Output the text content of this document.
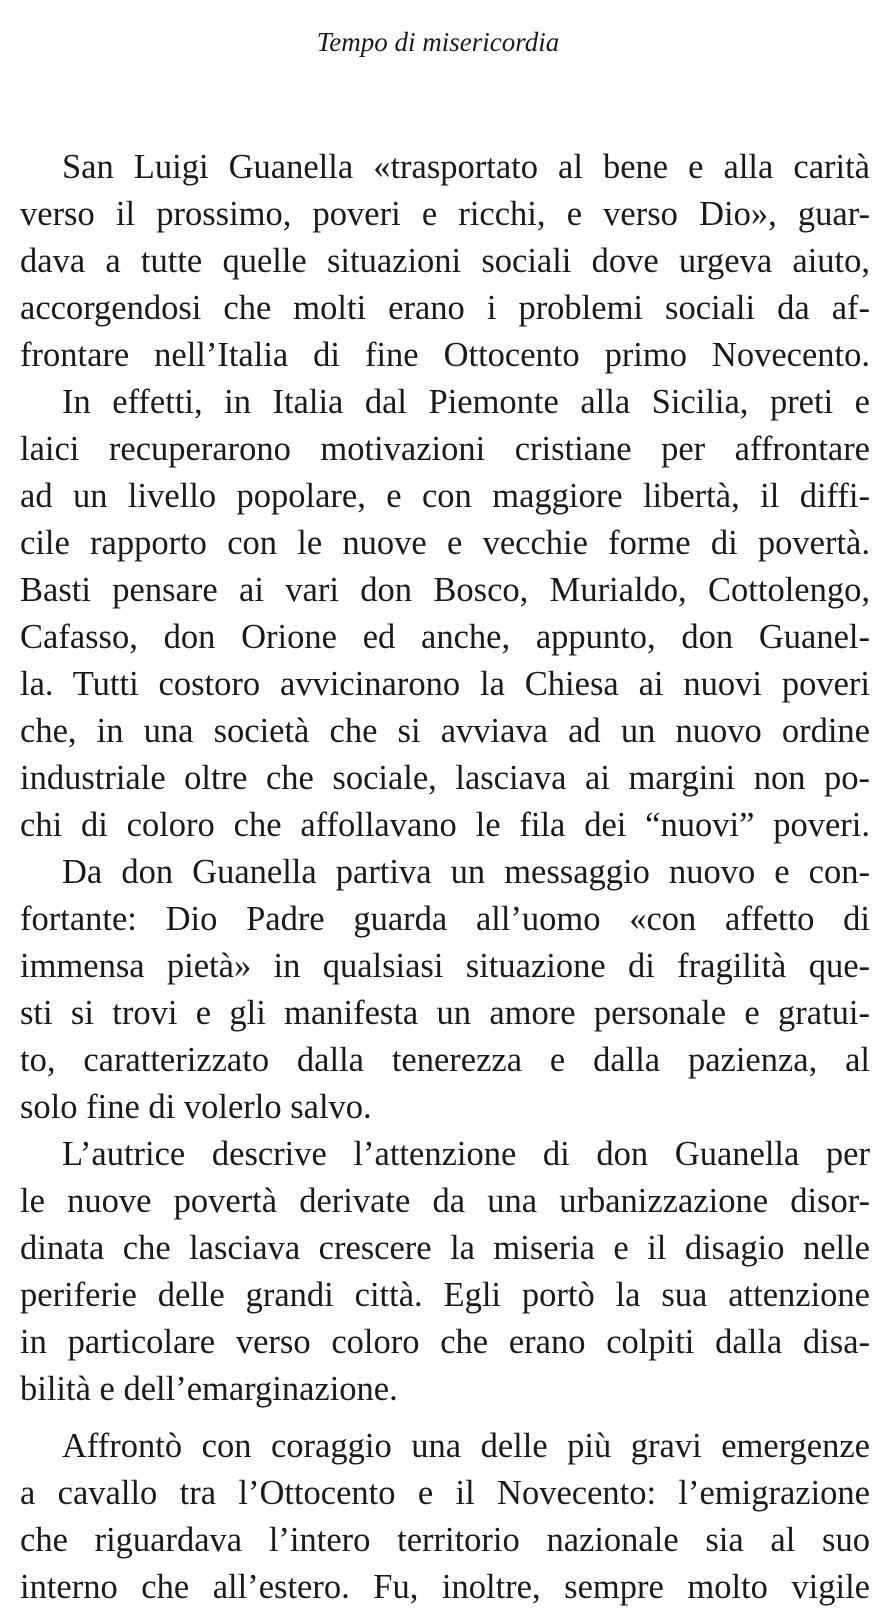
Tempo di misericordia

San Luigi Guanella «trasportato al bene e alla carità
verso il prossimo, poveri e ricchi, e verso Dio», guar-
dava a tutte quelle situazioni sociali dove urgeva aiuto,
accorgendosi che molti erano i problemi sociali da af-
frontare nell’Italia di fine Ottocento primo Novecento.

In effetti, in Italia dal Piemonte alla Sicilia, preti e
laici recuperarono motivazioni cristiane per affrontare
ad un livello popolare, e con maggiore libertà, il diffi-
cile rapporto con le nuove e vecchie forme di povertà.
Basti pensare ai vari don Bosco, Murialdo, Cottolengo,
Cafasso, don Orione ed anche, appunto, don Guanel-
la. Tutti costoro avvicinarono la Chiesa ai nuovi poveri
che, in una società che si avviava ad un nuovo ordine
industriale oltre che sociale, lasciava ai margini non po-
chi di coloro che affollavano le fila dei “nuovi” poveri.

Da don Guanella partiva un messaggio nuovo e con-
fortante: Dio Padre guarda all’uomo «con affetto di
immensa pietà» in qualsiasi situazione di fragilità que-
sti si trovi e gli manifesta un amore personale e gratui-
to, caratterizzato dalla tenerezza e dalla pazienza, al
solo fine di volerlo salvo.

L’autrice descrive l’attenzione di don Guanella per
le nuove povertà derivate da una urbanizzazione disor-
dinata che lasciava crescere la miseria e il disagio nelle
periferie delle grandi città. Egli portò la sua attenzione
in particolare verso coloro che erano colpiti dalla disa-
bilità e dell’emarginazione.

Affrontò con coraggio una delle più gravi emergenze
a cavallo tra l’Ottocento e il Novecento: l’emigrazione
che riguardava l’intero territorio nazionale sia al suo
interno che all’estero. Fu, inoltre, sempre molto vigile
